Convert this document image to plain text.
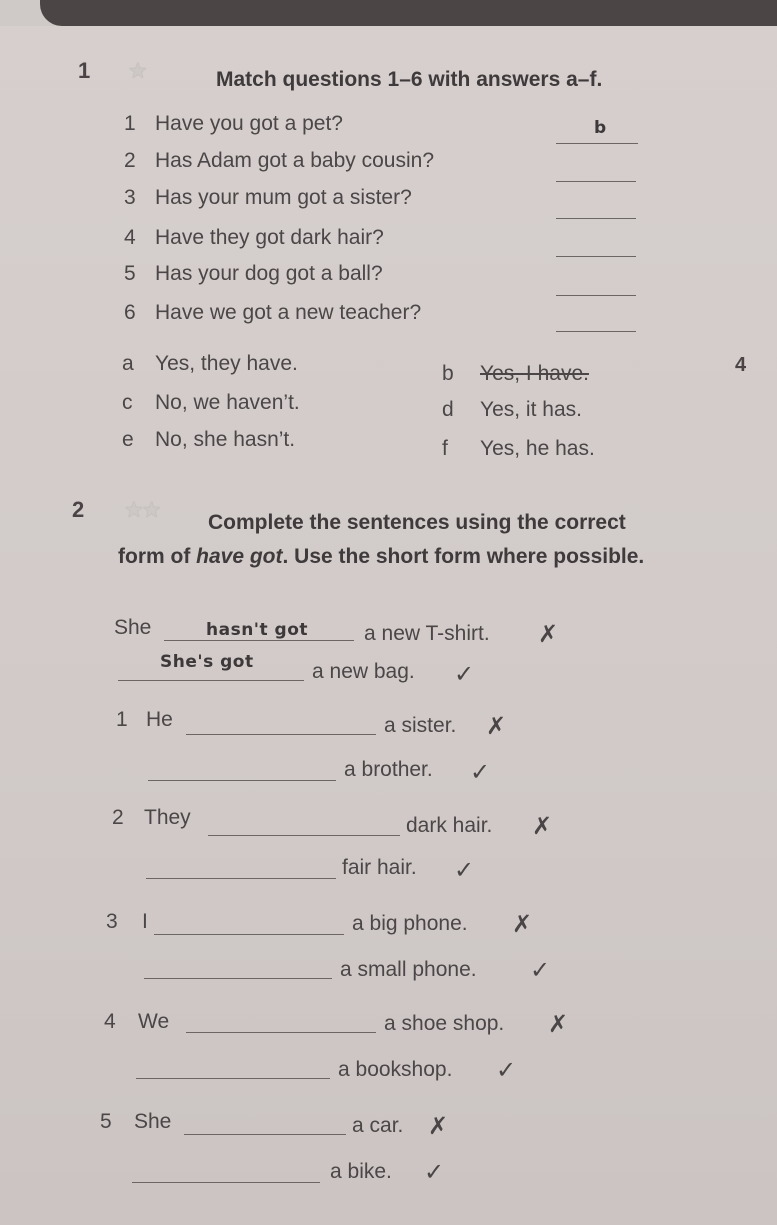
1 ★	Match questions 1–6 with answers a–f.
1 Have you got a pet?	b
2 Has Adam got a baby cousin?
3 Has your mum got a sister?
4 Have they got dark hair?
5 Has your dog got a ball?
6 Have we got a new teacher?
a Yes, they have.	b Yes, I have.
c No, we haven’t.	d Yes, it has.
e No, she hasn’t.	f Yes, he has.
4
2 ★★
Complete the sentences using the correct form of have got. Use the short form where possible.
She	hasn't got	a new T-shirt. ✗
She's got	a new bag. ✓
1 He	a sister. ✗
a brother. ✓
2 They	dark hair. ✗
fair hair. ✓
3 I	a big phone. ✗
a small phone. ✓
4 We	a shoe shop. ✗
a bookshop. ✓
5 She	a car. ✗
a bike. ✓
